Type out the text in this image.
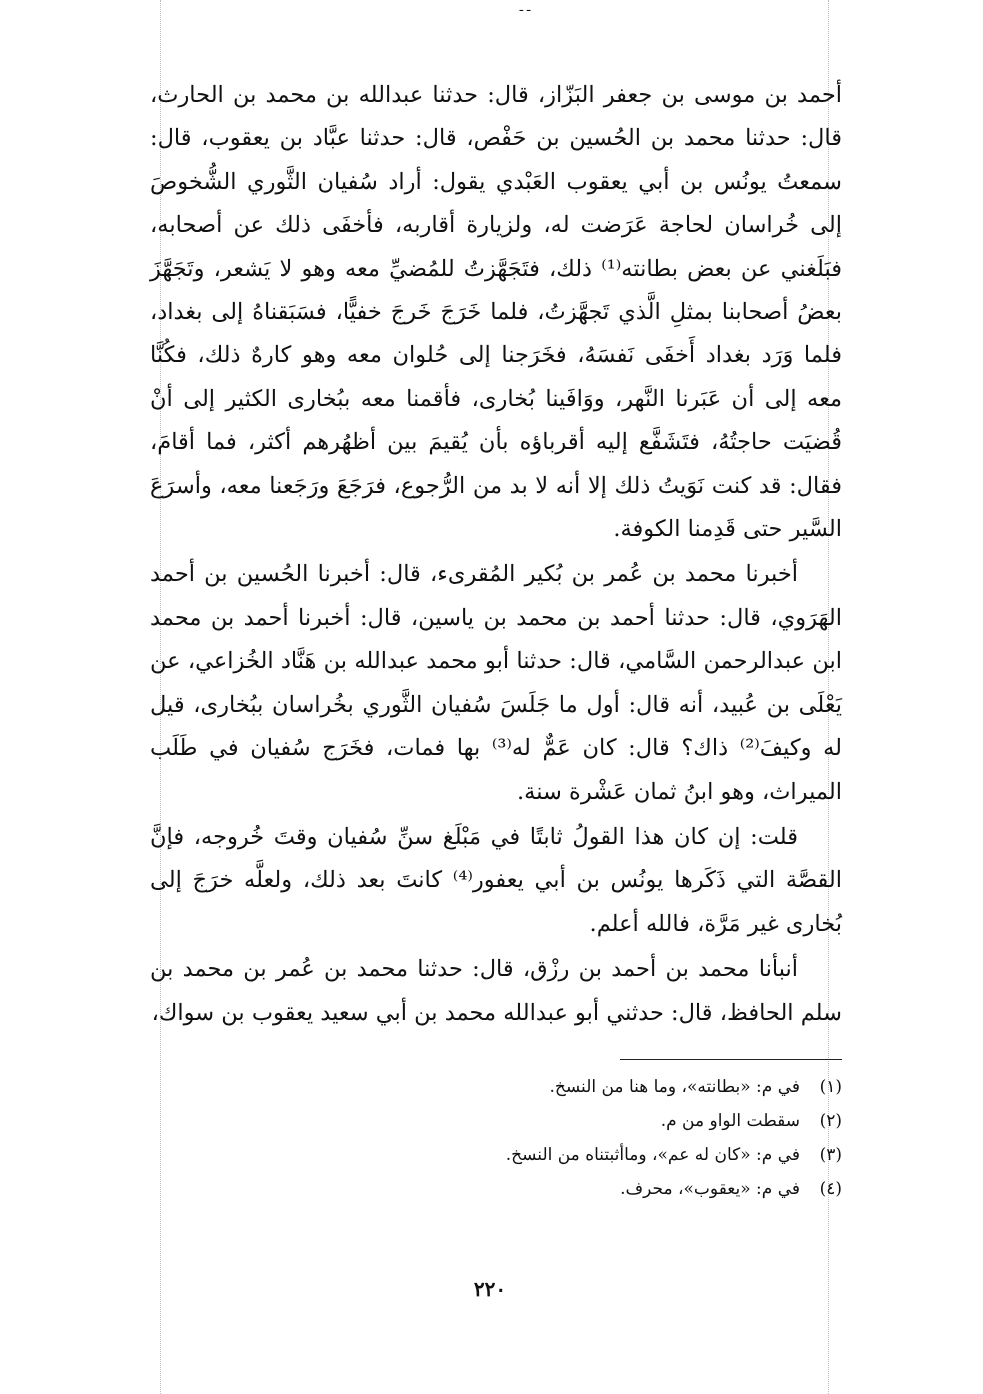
ـ ـ

أحمد بن موسى بن جعفر البَزّاز، قال: حدثنا عبدالله بن محمد بن الحارث، قال: حدثنا محمد بن الحُسين بن حَفْص، قال: حدثنا عبَّاد بن يعقوب، قال: سمعتُ يونُس بن أبي يعقوب العَبْدي يقول: أراد سُفيان الثَّوري الشُّخوصَ إلى خُراسان لحاجة عَرَضت له، ولزيارة أقاربه، فأخفَى ذلك عن أصحابه، فبَلَغني عن بعض بطانته⁽¹⁾ ذلك، فتَجَهَّزتُ للمُضيِّ معه وهو لا يَشعر، وتَجَهَّزَ بعضُ أصحابنا بمثلِ الَّذي تَجهَّزتُ، فلما خَرَجَ خَرجَ خفيًّا، فسَبَقناهُ إلى بغداد، فلما وَرَد بغداد أَخفَى نَفسَهُ، فخَرَجنا إلى حُلوان معه وهو كارهٌ ذلك، فكُنَّا معه إلى أن عَبَرنا النَّهر، ووَافَينا بُخارى، فأقمنا معه ببُخارى الكثير إلى أنْ قُضيَت حاجتُهُ، فتَشَفَّع إليه أقرباؤه بأن يُقيمَ بين أظهُرهم أكثر، فما أقامَ، فقال: قد كنت نَوَيتُ ذلك إلا أنه لا بد من الرُّجوع، فرَجَعَ ورَجَعنا معه، وأسرَعَ السَّير حتى قَدِمنا الكوفة.

أخبرنا محمد بن عُمر بن بُكير المُقرىء، قال: أخبرنا الحُسين بن أحمد الهَرَوي، قال: حدثنا أحمد بن محمد بن ياسين، قال: أخبرنا أحمد بن محمد ابن عبدالرحمن السَّامي، قال: حدثنا أبو محمد عبدالله بن هَنَّاد الخُزاعي، عن يَعْلَى بن عُبيد، أنه قال: أول ما جَلَسَ سُفيان الثَّوري بخُراسان ببُخارى، قيل له وكيفَ⁽²⁾ ذاك؟ قال: كان عَمٌّ له⁽³⁾ بها فمات، فخَرَج سُفيان في طَلَب الميراث، وهو ابنُ ثمان عَشْرة سنة.

قلت: إن كان هذا القولُ ثابتًا في مَبْلَغ سنِّ سُفيان وقتَ خُروجه، فإنَّ القصَّة التي ذَكَرها يونُس بن أبي يعفور⁽⁴⁾ كانتَ بعد ذلك، ولعلَّه خرَجَ إلى بُخارى غير مَرَّة، فالله أعلم.

أنبأنا محمد بن أحمد بن رزْق، قال: حدثنا محمد بن عُمر بن محمد بن سلم الحافظ، قال: حدثني أبو عبدالله محمد بن أبي سعيد يعقوب بن سواك،

(١)
في م: «بطانته»، وما هنا من النسخ.
(٢)
سقطت الواو من م.
(٣)
في م: «كان له عم»، وماأثبتناه من النسخ.
(٤)
في م: «يعقوب»، محرف.
٢٢٠
